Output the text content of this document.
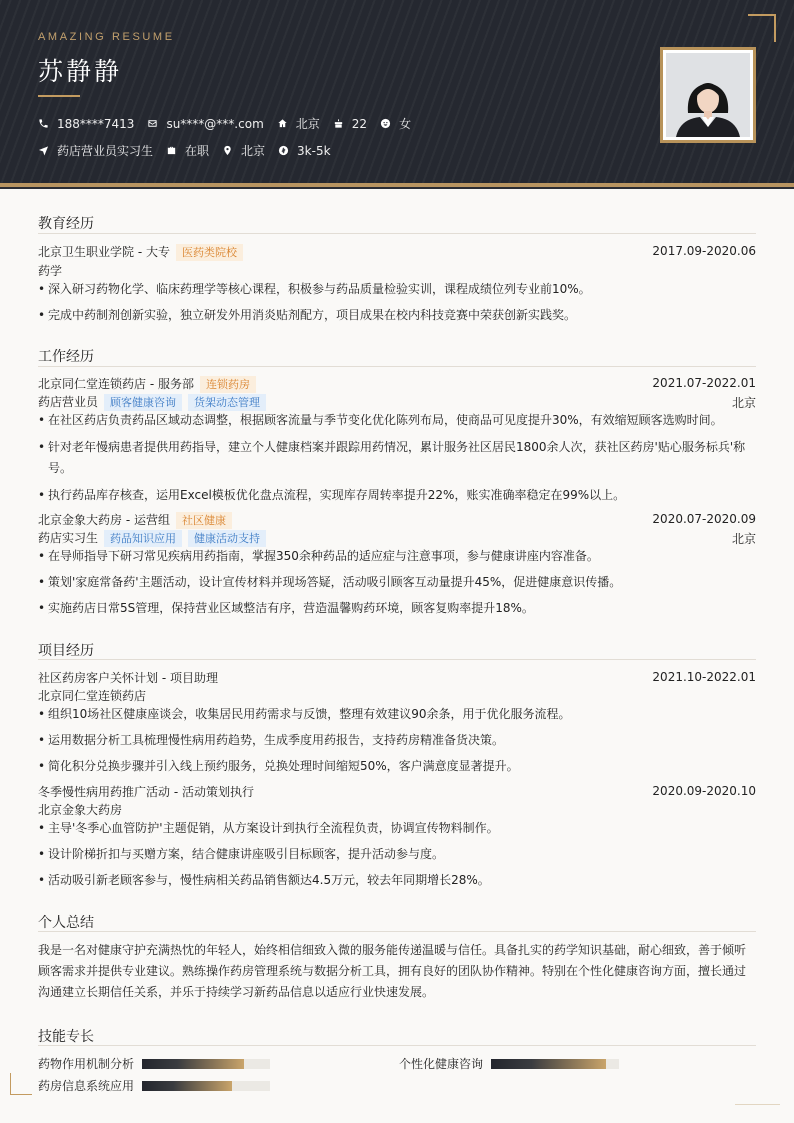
AMAZING RESUME
苏静静
188****7413	su****@***.com	北京	22	女
药店营业员实习生	在职	北京	3k-5k
教育经历
北京卫生职业学院 - 大专 医药类院校	2017.09-2020.06
药学
• 深入研习药物化学、临床药理学等核心课程，积极参与药品质量检验实训，课程成绩位列专业前10%。
• 完成中药制剂创新实验，独立研发外用消炎贴剂配方，项目成果在校内科技竞赛中荣获创新实践奖。
工作经历
北京同仁堂连锁药店 - 服务部 连锁药房	2021.07-2022.01
药店营业员 顾客健康咨询 货架动态管理	北京
• 在社区药店负责药品区域动态调整，根据顾客流量与季节变化优化陈列布局，使商品可见度提升30%，有效缩短顾客选购时间。
• 针对老年慢病患者提供用药指导，建立个人健康档案并跟踪用药情况，累计服务社区居民1800余人次，获社区药房'贴心服务标兵'称
号。
• 执行药品库存核查，运用Excel模板优化盘点流程，实现库存周转率提升22%，账实准确率稳定在99%以上。
北京金象大药房 - 运营组 社区健康	2020.07-2020.09
药店实习生 药品知识应用 健康活动支持	北京
• 在导师指导下研习常见疾病用药指南，掌握350余种药品的适应症与注意事项，参与健康讲座内容准备。
• 策划'家庭常备药'主题活动，设计宣传材料并现场答疑，活动吸引顾客互动量提升45%，促进健康意识传播。
• 实施药店日常5S管理，保持营业区域整洁有序，营造温馨购药环境，顾客复购率提升18%。
项目经历
社区药房客户关怀计划 - 项目助理	2021.10-2022.01
北京同仁堂连锁药店
• 组织10场社区健康座谈会，收集居民用药需求与反馈，整理有效建议90余条，用于优化服务流程。
• 运用数据分析工具梳理慢性病用药趋势，生成季度用药报告，支持药房精准备货决策。
• 简化积分兑换步骤并引入线上预约服务，兑换处理时间缩短50%，客户满意度显著提升。
冬季慢性病用药推广活动 - 活动策划执行	2020.09-2020.10
北京金象大药房
• 主导'冬季心血管防护'主题促销，从方案设计到执行全流程负责，协调宣传物料制作。
• 设计阶梯折扣与买赠方案，结合健康讲座吸引目标顾客，提升活动参与度。
• 活动吸引新老顾客参与，慢性病相关药品销售额达4.5万元，较去年同期增长28%。
个人总结
我是一名对健康守护充满热忱的年轻人，始终相信细致入微的服务能传递温暖与信任。具备扎实的药学知识基础，耐心细致，善于倾听
顾客需求并提供专业建议。熟练操作药房管理系统与数据分析工具，拥有良好的团队协作精神。特别在个性化健康咨询方面，擅长通过
沟通建立长期信任关系，并乐于持续学习新药品信息以适应行业快速发展。
技能专长
药物作用机制分析	个性化健康咨询
药房信息系统应用
